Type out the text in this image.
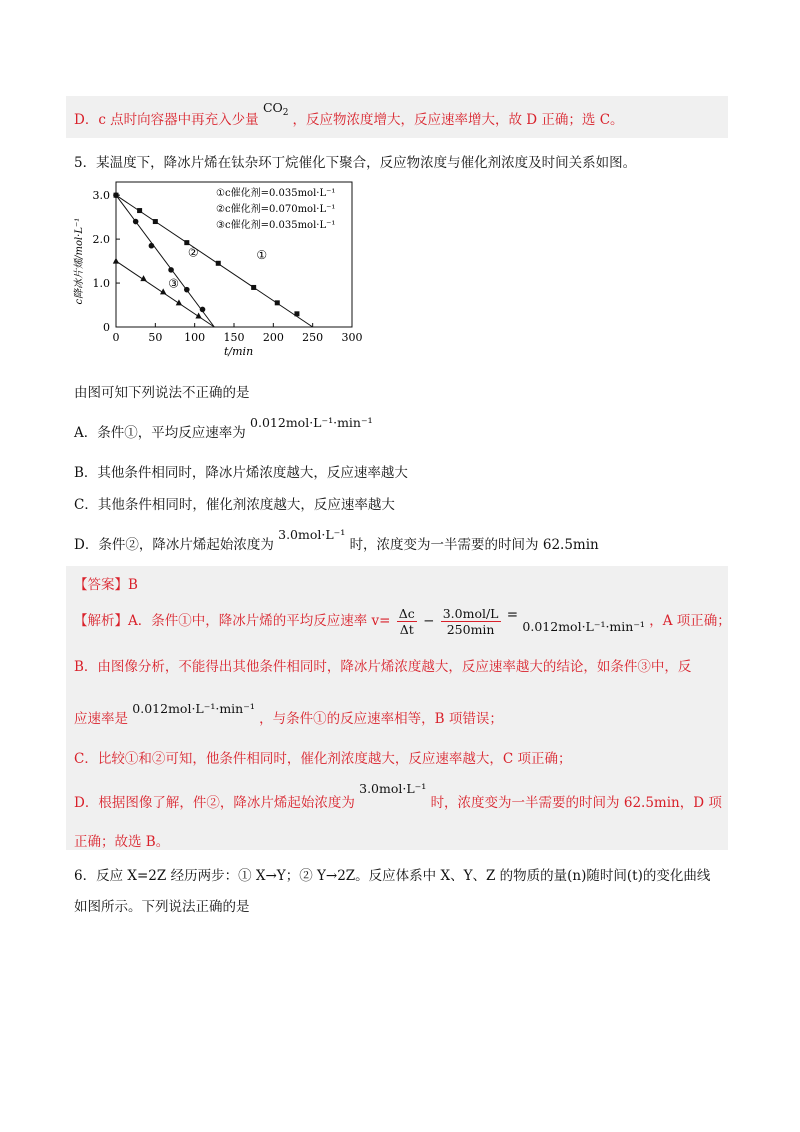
D．c 点时向容器中再充入少量 $CO_2$ ，反应物浓度增大，反应速率增大，故 D 正确；选 C。
5．某温度下，降冰片烯在钛杂环丁烷催化下聚合，反应物浓度与催化剂浓度及时间关系如图。
0	50 100 150 200 250 300
0
1.0
2.0
3.0
t/min
c降冰片烯/mol·L⁻¹
①c催化剂=0.035mol·L⁻¹
②c催化剂=0.070mol·L⁻¹
③c催化剂=0.035mol·L⁻¹
①
②
③
由图可知下列说法不正确的是
A．条件①，平均反应速率为 0.012mol·L⁻¹·min⁻¹
B．其他条件相同时，降冰片烯浓度越大，反应速率越大
C．其他条件相同时，催化剂浓度越大，反应速率越大
D．条件②，降冰片烯起始浓度为 3.0mol·L⁻¹ 时，浓度变为一半需要的时间为 62.5min
【答案】B
【解析】A．条件①中，降冰片烯的平均反应速率 $v= \frac{\Delta c}{\Delta t} - \frac{\text{3.0mol/L}}{250\min} = 0.012mol\cdot L^{-1}\cdot\min^{-1}$ ，A 项正确；
B．由图像分析，不能得出其他条件相同时，降冰片烯浓度越大，反应速率越大的结论，如条件③中，反
应速率是 0.012mol·L⁻¹·min⁻¹ ，与条件①的反应速率相等，B 项错误；
C．比较①和②可知，他条件相同时，催化剂浓度越大，反应速率越大，C 项正确；
D．根据图像了解，件②，降冰片烯起始浓度为 3.0mol·L⁻¹ 时，浓度变为一半需要的时间为 62.5min，D 项
正确；故选 B。
6．反应 X=2Z 经历两步：① X→Y；② Y→2Z。反应体系中 X、Y、Z 的物质的量(n)随时间(t)的变化曲线
如图所示。下列说法正确的是
